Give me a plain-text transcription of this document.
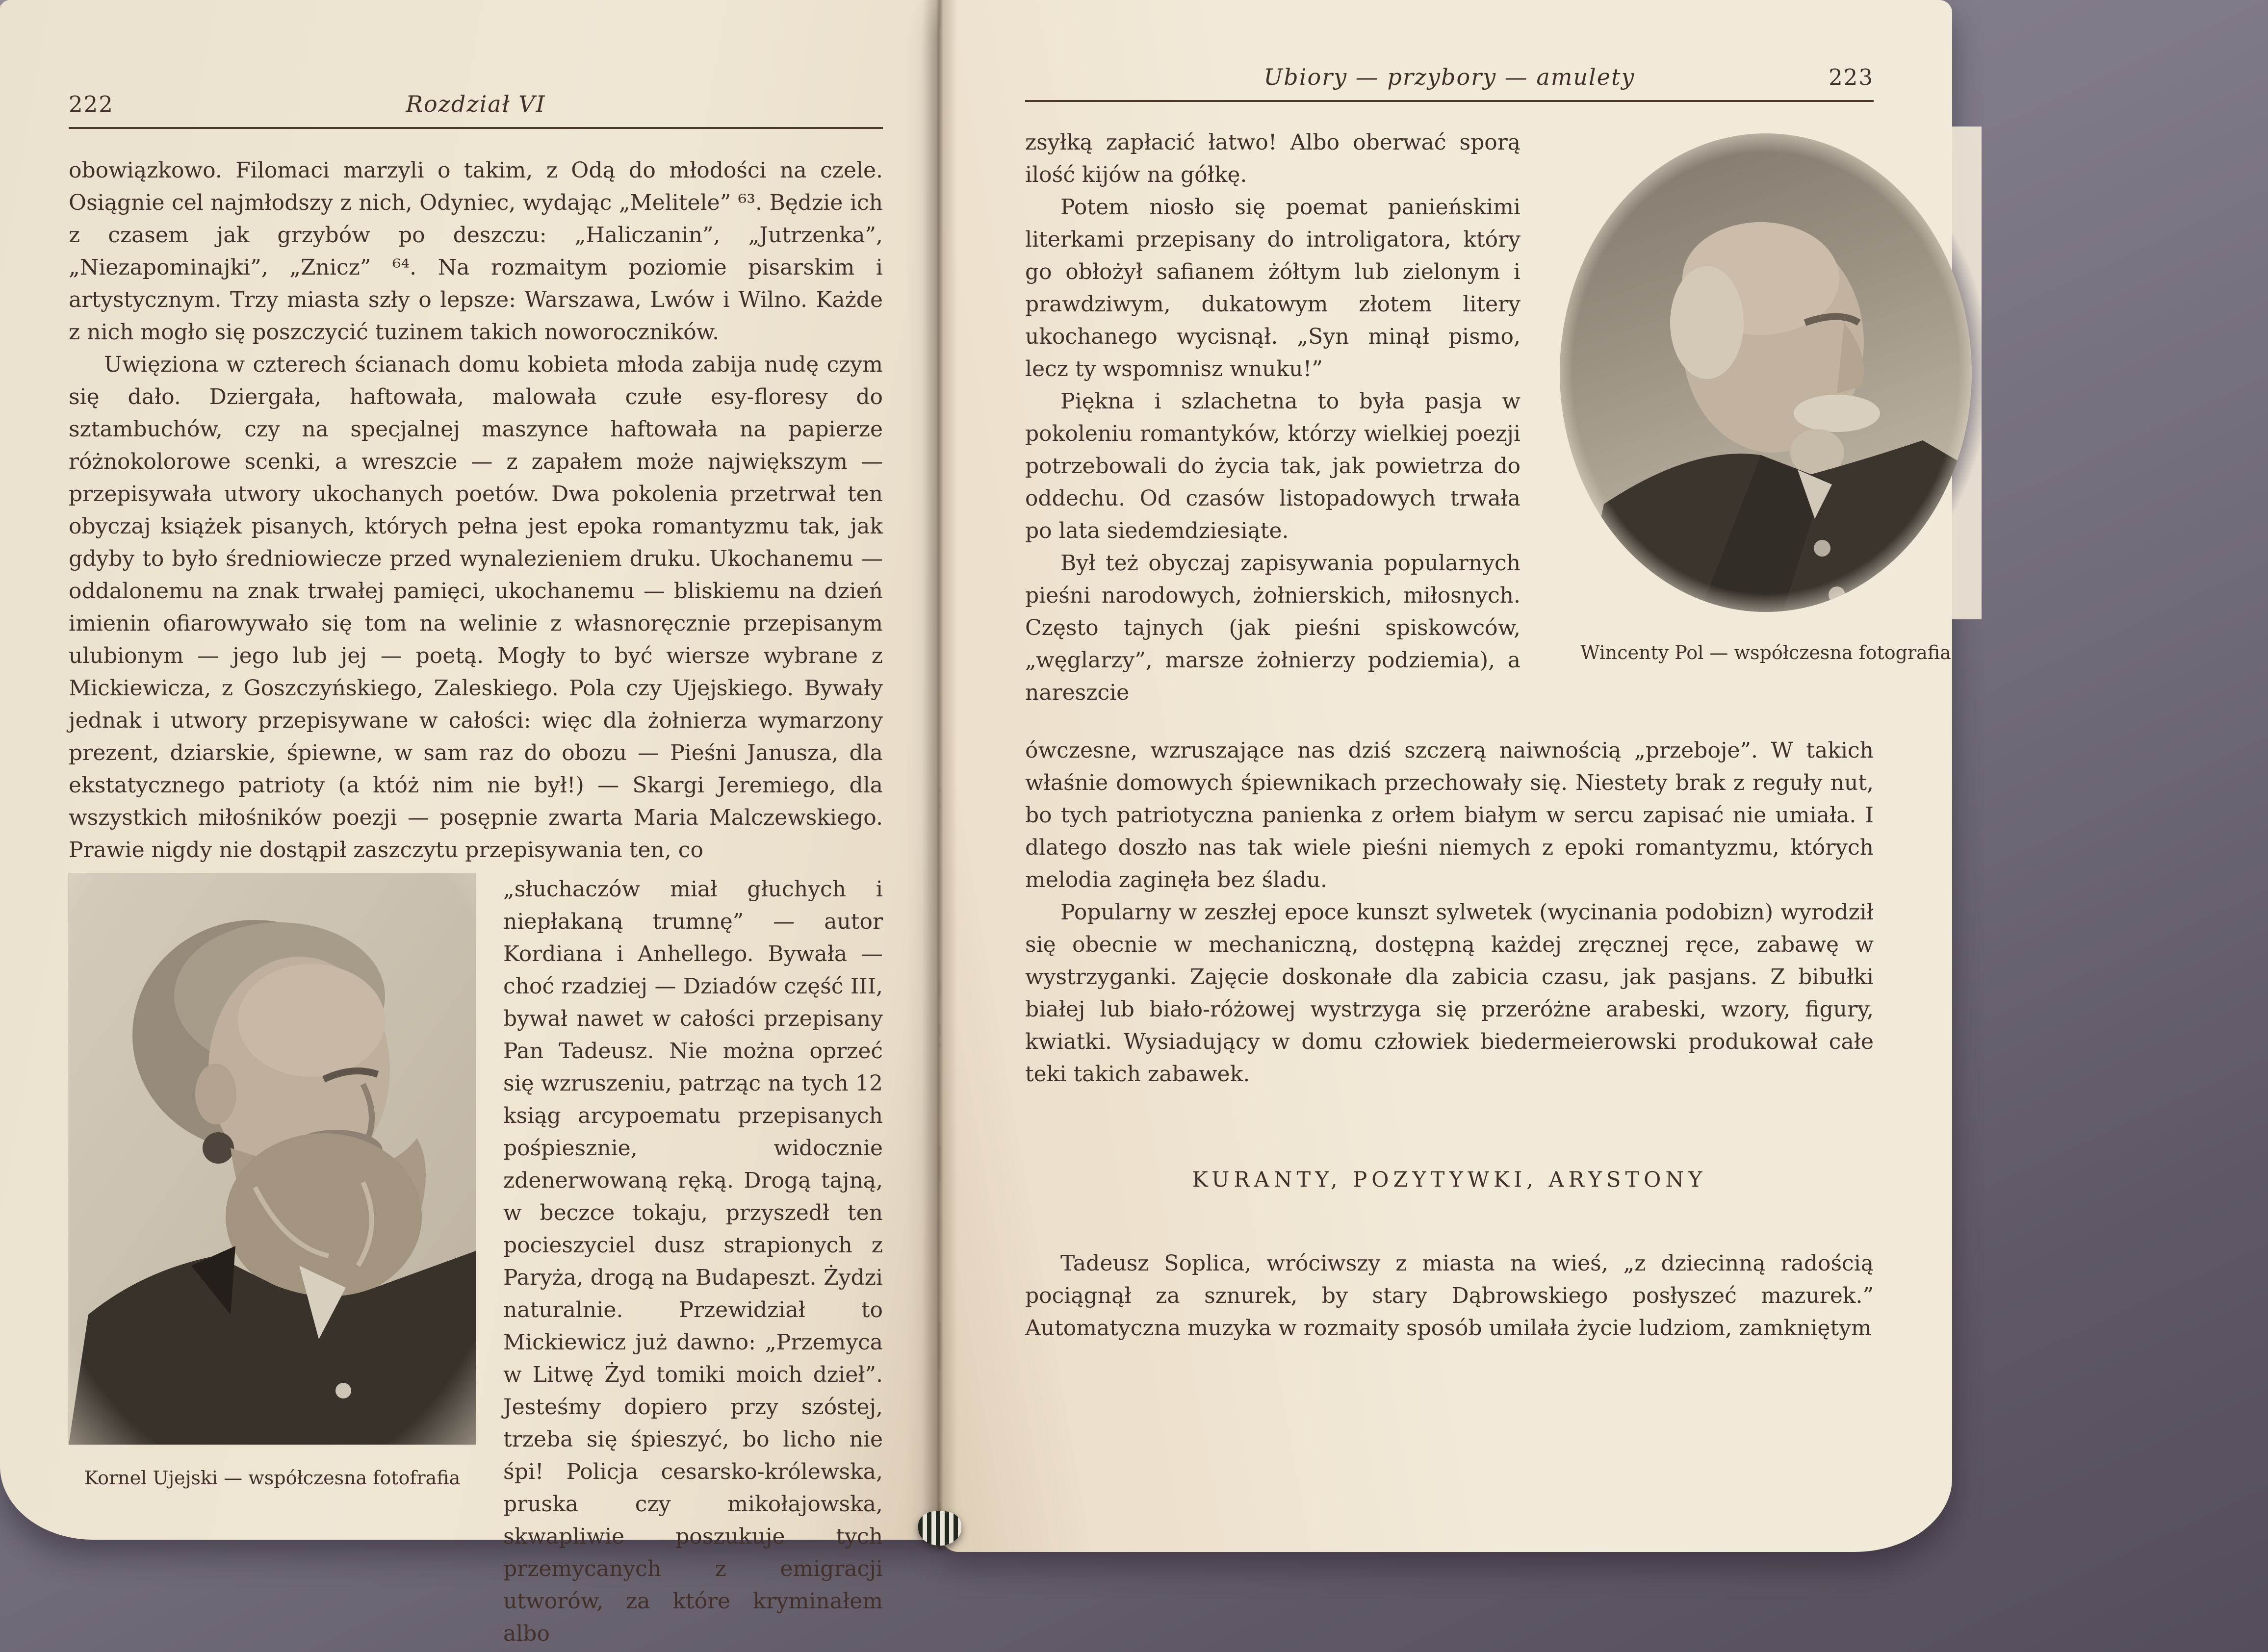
222	Rozdział VI

obowiązkowo. Filomaci marzyli o takim, z Odą do młodości na czele. Osiągnie cel najmłodszy z nich, Odyniec, wydając „Melitele” ⁶³. Będzie ich z czasem jak grzybów po deszczu: „Haliczanin”, „Jutrzenka”, „Niezapominajki”, „Znicz” ⁶⁴. Na rozmaitym poziomie pisarskim i artystycznym. Trzy miasta szły o lepsze: Warszawa, Lwów i Wilno. Każde z nich mogło się poszczycić tuzinem takich noworoczników.

Uwięziona w czterech ścianach domu kobieta młoda zabija nudę czym się dało. Dziergała, haftowała, malowała czułe esy-floresy do sztambuchów, czy na specjalnej maszynce haftowała na papierze różnokolorowe scenki, a wreszcie — z zapałem może największym — przepisywała utwory ukochanych poetów. Dwa pokolenia przetrwał ten obyczaj książek pisanych, których pełna jest epoka romantyzmu tak, jak gdyby to było średniowiecze przed wynalezieniem druku. Ukochanemu — oddalonemu na znak trwałej pamięci, ukochanemu — bliskiemu na dzień imienin ofiarowywało się tom na welinie z własnoręcznie przepisanym ulubionym — jego lub jej — poetą. Mogły to być wiersze wybrane z Mickiewicza, z Goszczyńskiego, Zaleskiego. Pola czy Ujejskiego. Bywały jednak i utwory przepisywane w całości: więc dla żołnierza wymarzony prezent, dziarskie, śpiewne, w sam raz do obozu — Pieśni Janusza, dla ekstatycznego patrioty (a któż nim nie był!) — Skargi Jeremiego, dla wszystkich miłośników poezji — posępnie zwarta Maria Malczewskiego. Prawie nigdy nie dostąpił zaszczytu przepisywania ten, co

Kornel Ujejski — współczesna fotofrafia

„słuchaczów miał głuchych i niepłakaną trumnę” — autor Kordiana i Anhellego. Bywała — choć rzadziej — Dziadów część III, bywał nawet w całości przepisany Pan Tadeusz. Nie można oprzeć się wzruszeniu, patrząc na tych 12 ksiąg arcypoematu przepisanych pośpiesznie, widocznie zdenerwowaną ręką. Drogą tajną, w beczce tokaju, przyszedł ten pocieszyciel dusz strapionych z Paryża, drogą na Budapeszt. Żydzi naturalnie. Przewidział to Mickiewicz już dawno: „Przemyca w Litwę Żyd tomiki moich dzieł”. Jesteśmy dopiero przy szóstej, trzeba się śpieszyć, bo licho nie śpi! Policja cesarsko-królewska, pruska czy mikołajowska, skwapliwie poszukuje tych przemycanych z emigracji utworów, za które kryminałem albo

Ubiory — przybory — amulety	223

zsyłką zapłacić łatwo! Albo oberwać sporą ilość kijów na gółkę.

Potem niosło się poemat panieńskimi literkami przepisany do introligatora, który go obłożył safianem żółtym lub zielonym i prawdziwym, dukatowym złotem litery ukochanego wycisnął. „Syn minął pismo, lecz ty wspomnisz wnuku!”

Piękna i szlachetna to była pasja w pokoleniu romantyków, którzy wielkiej poezji potrzebowali do życia tak, jak powietrza do oddechu. Od czasów listopadowych trwała po lata siedemdziesiąte.

Był też obyczaj zapisywania popularnych pieśni narodowych, żołnierskich, miłosnych. Często tajnych (jak pieśni spiskowców, „węglarzy”, marsze żołnierzy podziemia), a nareszcie

Wincenty Pol — współczesna fotografia

ówczesne, wzruszające nas dziś szczerą naiwnością „przeboje”. W takich właśnie domowych śpiewnikach przechowały się. Niestety brak z reguły nut, bo tych patriotyczna panienka z orłem białym w sercu zapisać nie umiała. I dlatego doszło nas tak wiele pieśni niemych z epoki romantyzmu, których melodia zaginęła bez śladu.

Popularny w zeszłej epoce kunszt sylwetek (wycinania podobizn) wyrodził się obecnie w mechaniczną, dostępną każdej zręcznej ręce, zabawę w wystrzyganki. Zajęcie doskonałe dla zabicia czasu, jak pasjans. Z bibułki białej lub biało-różowej wystrzyga się przeróżne arabeski, wzory, figury, kwiatki. Wysiadujący w domu człowiek biedermeierowski produkował całe teki takich zabawek.

KURANTY, POZYTYWKI, ARYSTONY

Tadeusz Soplica, wróciwszy z miasta na wieś, „z dziecinną radością pociągnął za sznurek, by stary Dąbrowskiego posłyszeć mazurek.” Automatyczna muzyka w rozmaity sposób umilała życie ludziom, zamkniętym
